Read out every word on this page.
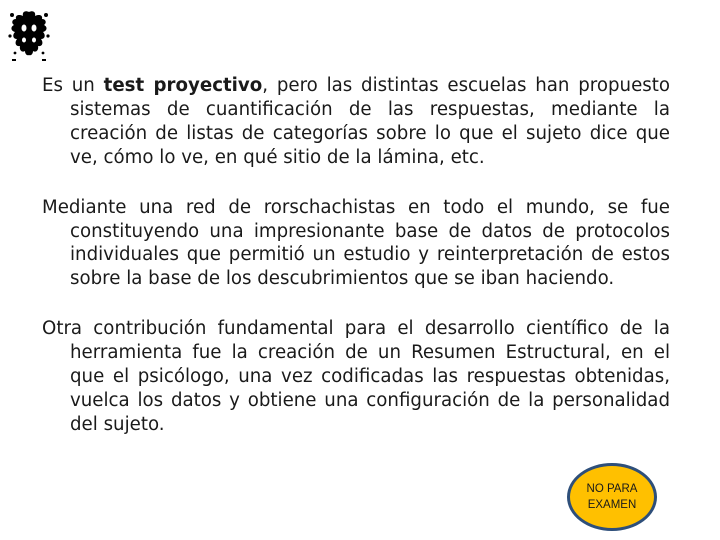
Es un test proyectivo, pero las distintas escuelas han propuesto sistemas de cuantificación de las respuestas, mediante la creación de listas de categorías sobre lo que el sujeto dice que ve, cómo lo ve, en qué sitio de la lámina, etc.

Mediante una red de rorschachistas en todo el mundo, se fue constituyendo una impresionante base de datos de protocolos individuales que permitió un estudio y reinterpretación de estos sobre la base de los descubrimientos que se iban haciendo.

Otra contribución fundamental para el desarrollo científico de la herramienta fue la creación de un Resumen Estructural, en el que el psicólogo, una vez codificadas las respuestas obtenidas, vuelca los datos y obtiene una configuración de la personalidad del sujeto.

NO PARA
EXAMEN
